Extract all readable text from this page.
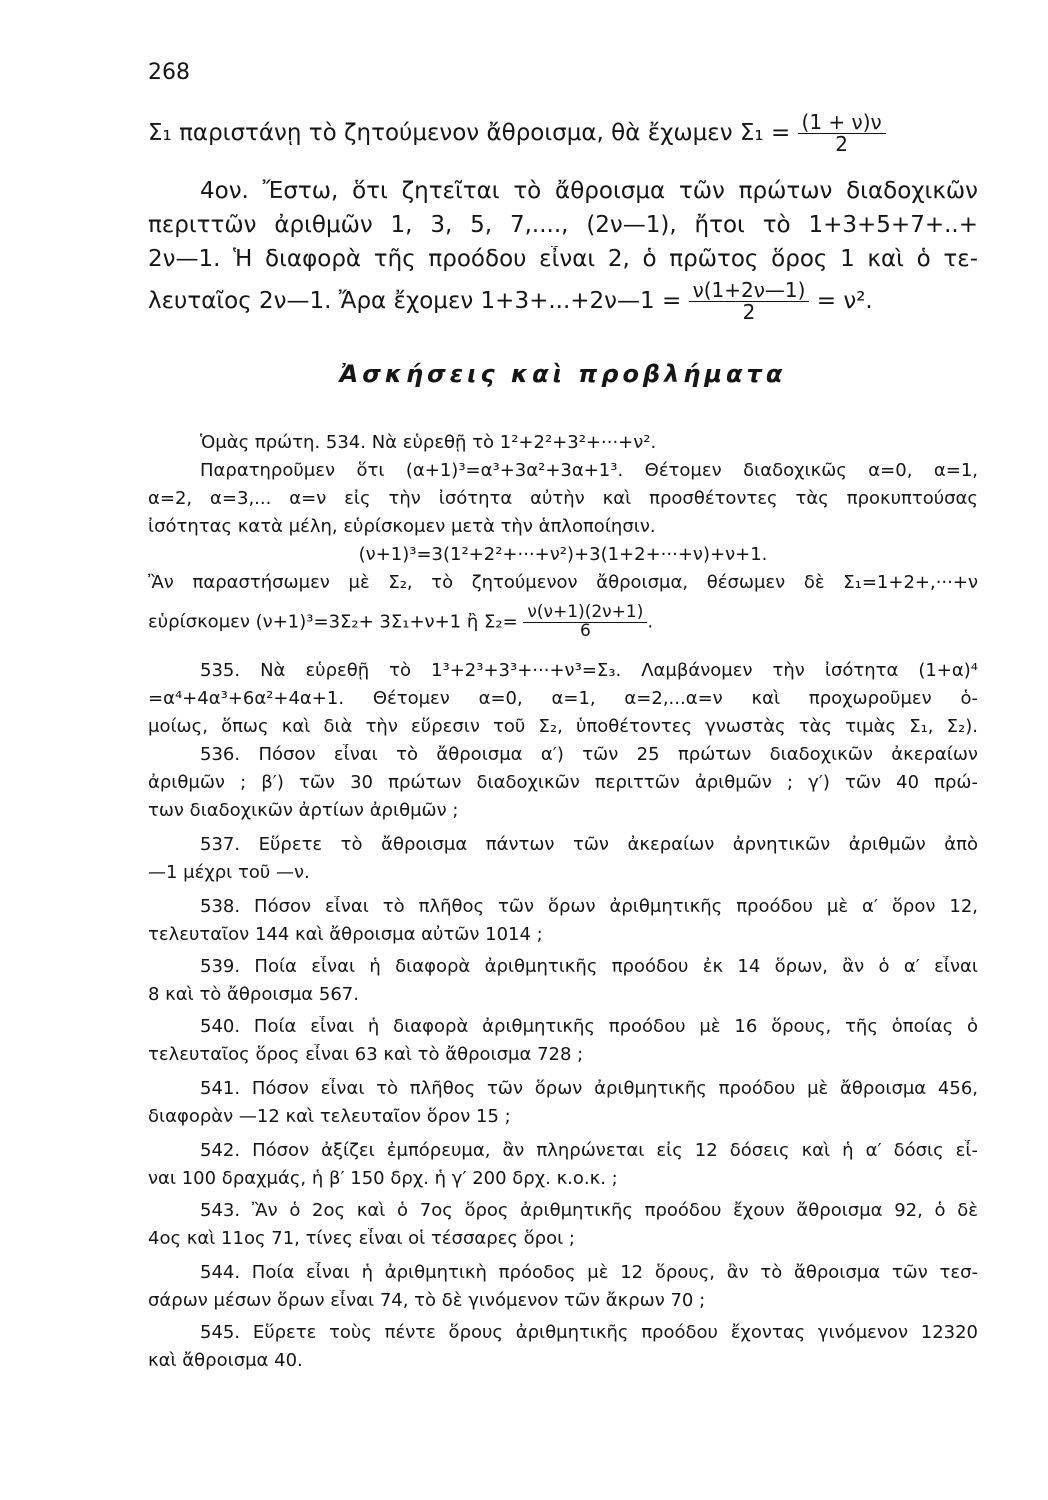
268
Σ₁ παριστάνῃ τὸ ζητούμενον ἄθροισμα, θὰ ἔχωμεν $\Sigma_1 = \frac{(1 + \nu)\nu}{2}$
4ον. Ἔστω, ὅτι ζητεῖται τὸ ἄθροισμα τῶν πρώτων διαδοχικῶν
περιττῶν ἀριθμῶν 1, 3, 5, 7,...., (2ν—1), ἤτοι τὸ 1+3+5+7+..+
2ν—1. Ἡ διαφορὰ τῆς προόδου εἶναι 2, ὁ πρῶτος ὅρος 1 καὶ ὁ τε-
λευταῖος 2ν—1. Ἄρα ἔχομεν 1+3+...+2ν—1 = $\frac{\nu(1+2\nu—1)}{2} = \nu^2$.
Ἀσκήσεις καὶ προβλήματα
Ὁμὰς πρώτη. 534. Νὰ εὑρεθῇ τὸ 1²+2²+3²+···+ν².
Παρατηροῦμεν ὅτι (α+1)³=α³+3α²+3α+1³. Θέτομεν διαδοχικῶς α=0, α=1,
α=2, α=3,... α=ν εἰς τὴν ἰσότητα αὐτὴν καὶ προσθέτοντες τὰς προκυπτούσας
ἰσότητας κατὰ μέλη, εὑρίσκομεν μετὰ τὴν ἁπλοποίησιν.
(ν+1)³=3(1²+2²+···+ν²)+3(1+2+···+ν)+ν+1.
Ἂν παραστήσωμεν μὲ Σ₂, τὸ ζητούμενον ἄθροισμα, θέσωμεν δὲ Σ₁=1+2+,···+ν
εὑρίσκομεν (ν+1)³=3Σ₂+ 3Σ₁+ν+1 ἢ $\Sigma_2= \frac{\nu(\nu+1)(2\nu+1)}{6}$ .
535. Νὰ εὑρεθῇ τὸ 1³+2³+3³+···+ν³=Σ₃. Λαμβάνομεν τὴν ἰσότητα (1+α)⁴
=α⁴+4α³+6α²+4α+1. Θέτομεν α=0, α=1, α=2,...α=ν καὶ προχωροῦμεν ὁ-
μοίως, ὅπως καὶ διὰ τὴν εὕρεσιν τοῦ Σ₂, ὑποθέτοντες γνωστὰς τὰς τιμὰς Σ₁, Σ₂).
536. Πόσον εἶναι τὸ ἄθροισμα α′) τῶν 25 πρώτων διαδοχικῶν ἀκεραίων
ἀριθμῶν ; β′) τῶν 30 πρώτων διαδοχικῶν περιττῶν ἀριθμῶν ; γ′) τῶν 40 πρώ-
των διαδοχικῶν ἀρτίων ἀριθμῶν ;
537. Εὕρετε τὸ ἄθροισμα πάντων τῶν ἀκεραίων ἀρνητικῶν ἀριθμῶν ἀπὸ
—1 μέχρι τοῦ —ν.
538. Πόσον εἶναι τὸ πλῆθος τῶν ὅρων ἀριθμητικῆς προόδου μὲ α′ ὅρον 12,
τελευταῖον 144 καὶ ἄθροισμα αὐτῶν 1014 ;
539. Ποία εἶναι ἡ διαφορὰ ἀριθμητικῆς προόδου ἐκ 14 ὅρων, ἂν ὁ α′ εἶναι
8 καὶ τὸ ἄθροισμα 567.
540. Ποία εἶναι ἡ διαφορὰ ἀριθμητικῆς προόδου μὲ 16 ὅρους, τῆς ὁποίας ὁ
τελευταῖος ὅρος εἶναι 63 καὶ τὸ ἄθροισμα 728 ;
541. Πόσον εἶναι τὸ πλῆθος τῶν ὅρων ἀριθμητικῆς προόδου μὲ ἄθροισμα 456,
διαφορὰν —12 καὶ τελευταῖον ὅρον 15 ;
542. Πόσον ἀξίζει ἐμπόρευμα, ἂν πληρώνεται εἰς 12 δόσεις καὶ ἡ α′ δόσις εἶ-
ναι 100 δραχμάς, ἡ β′ 150 δρχ. ἡ γ′ 200 δρχ. κ.ο.κ. ;
543. Ἂν ὁ 2ος καὶ ὁ 7ος ὅρος ἀριθμητικῆς προόδου ἔχουν ἄθροισμα 92, ὁ δὲ
4ος καὶ 11ος 71, τίνες εἶναι οἱ τέσσαρες ὅροι ;
544. Ποία εἶναι ἡ ἀριθμητικὴ πρόοδος μὲ 12 ὅρους, ἂν τὸ ἄθροισμα τῶν τεσ-
σάρων μέσων ὅρων εἶναι 74, τὸ δὲ γινόμενον τῶν ἄκρων 70 ;
545. Εὕρετε τοὺς πέντε ὅρους ἀριθμητικῆς προόδου ἔχοντας γινόμενον 12320
καὶ ἄθροισμα 40.
